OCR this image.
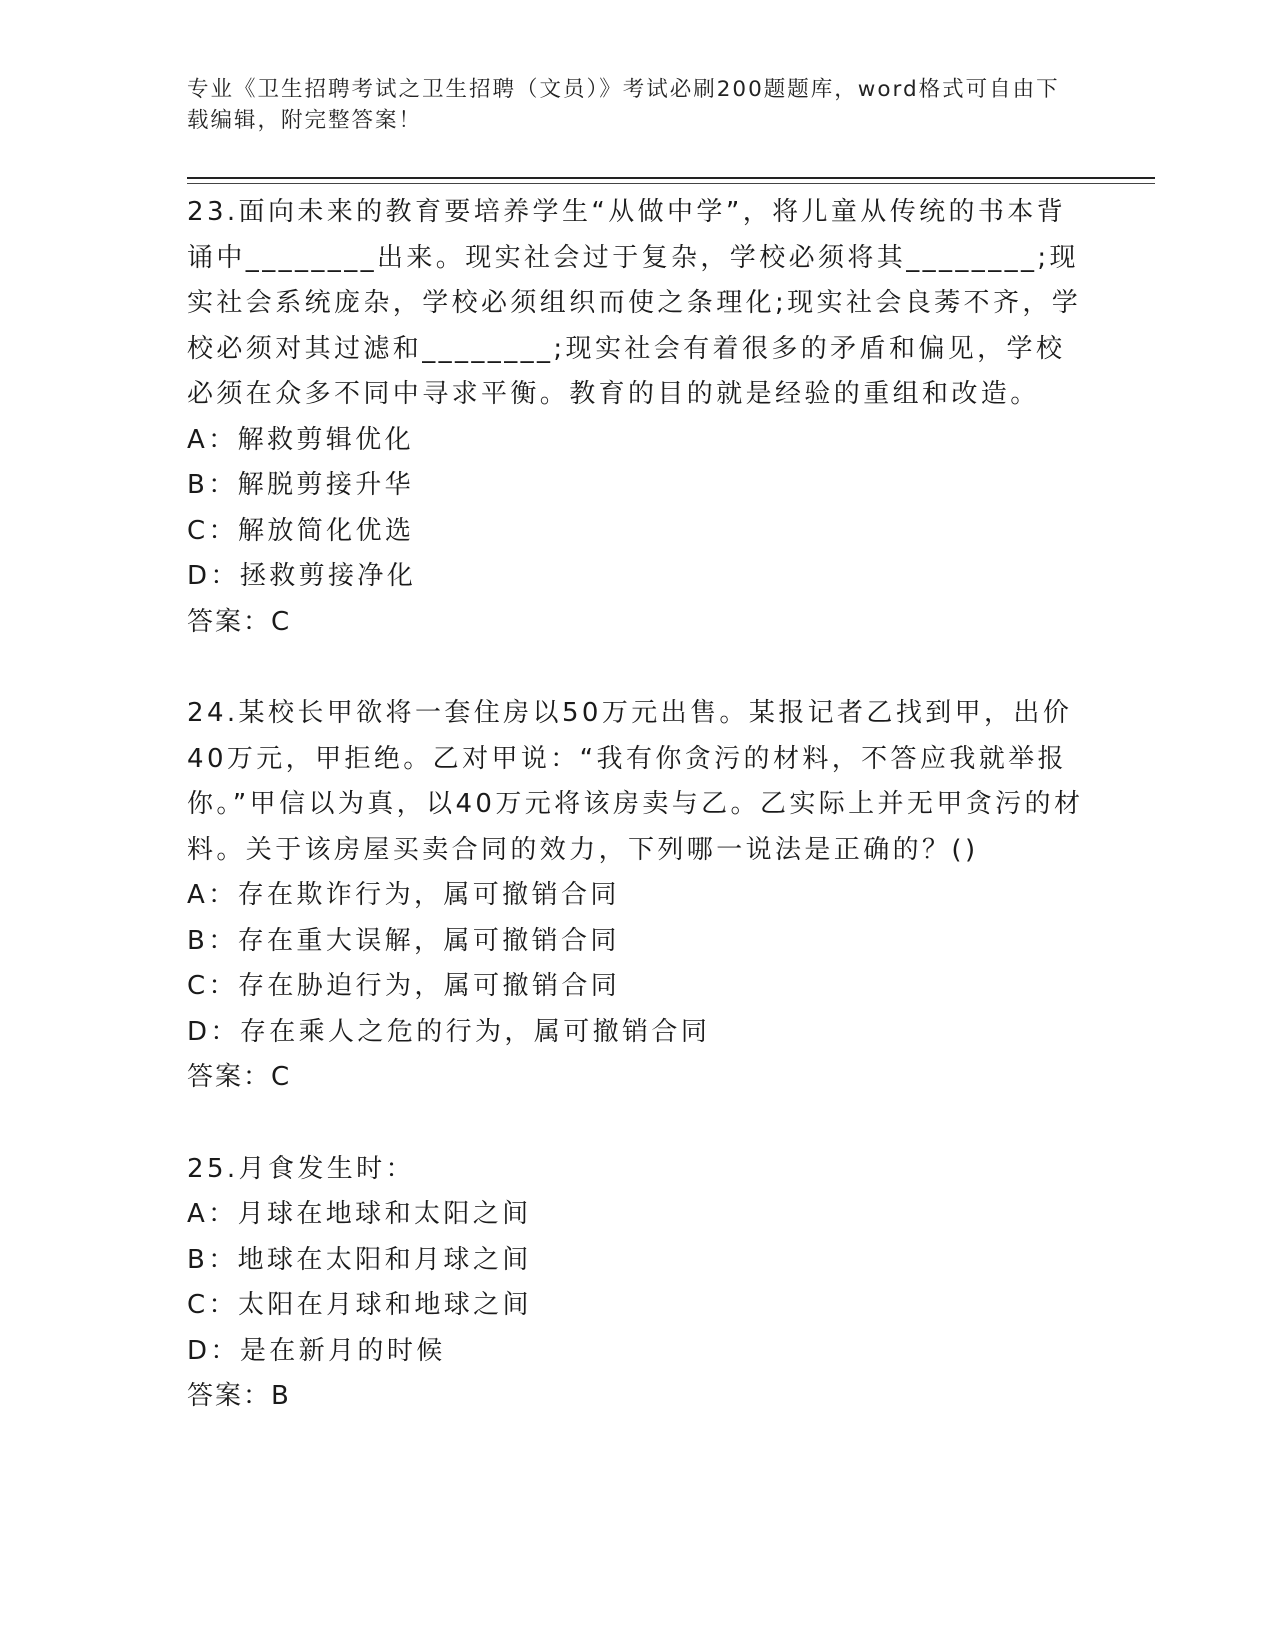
专业《卫生招聘考试之卫生招聘（文员）》考试必刷200题题库，word格式可自由下载编辑，附完整答案！

23.面向未来的教育要培养学生“从做中学”，将儿童从传统的书本背诵中________出来。现实社会过于复杂，学校必须将其________;现实社会系统庞杂，学校必须组织而使之条理化;现实社会良莠不齐，学校必须对其过滤和________;现实社会有着很多的矛盾和偏见，学校必须在众多不同中寻求平衡。教育的目的就是经验的重组和改造。

A：解救剪辑优化

B：解脱剪接升华

C：解放简化优选

D：拯救剪接净化

答案：C

24.某校长甲欲将一套住房以50万元出售。某报记者乙找到甲，出价40万元，甲拒绝。乙对甲说：“我有你贪污的材料，不答应我就举报你。”甲信以为真，以40万元将该房卖与乙。乙实际上并无甲贪污的材料。关于该房屋买卖合同的效力，下列哪一说法是正确的？()

A：存在欺诈行为，属可撤销合同

B：存在重大误解，属可撤销合同

C：存在胁迫行为，属可撤销合同

D：存在乘人之危的行为，属可撤销合同

答案：C

25.月食发生时：

A：月球在地球和太阳之间

B：地球在太阳和月球之间

C：太阳在月球和地球之间

D：是在新月的时候

答案：B
